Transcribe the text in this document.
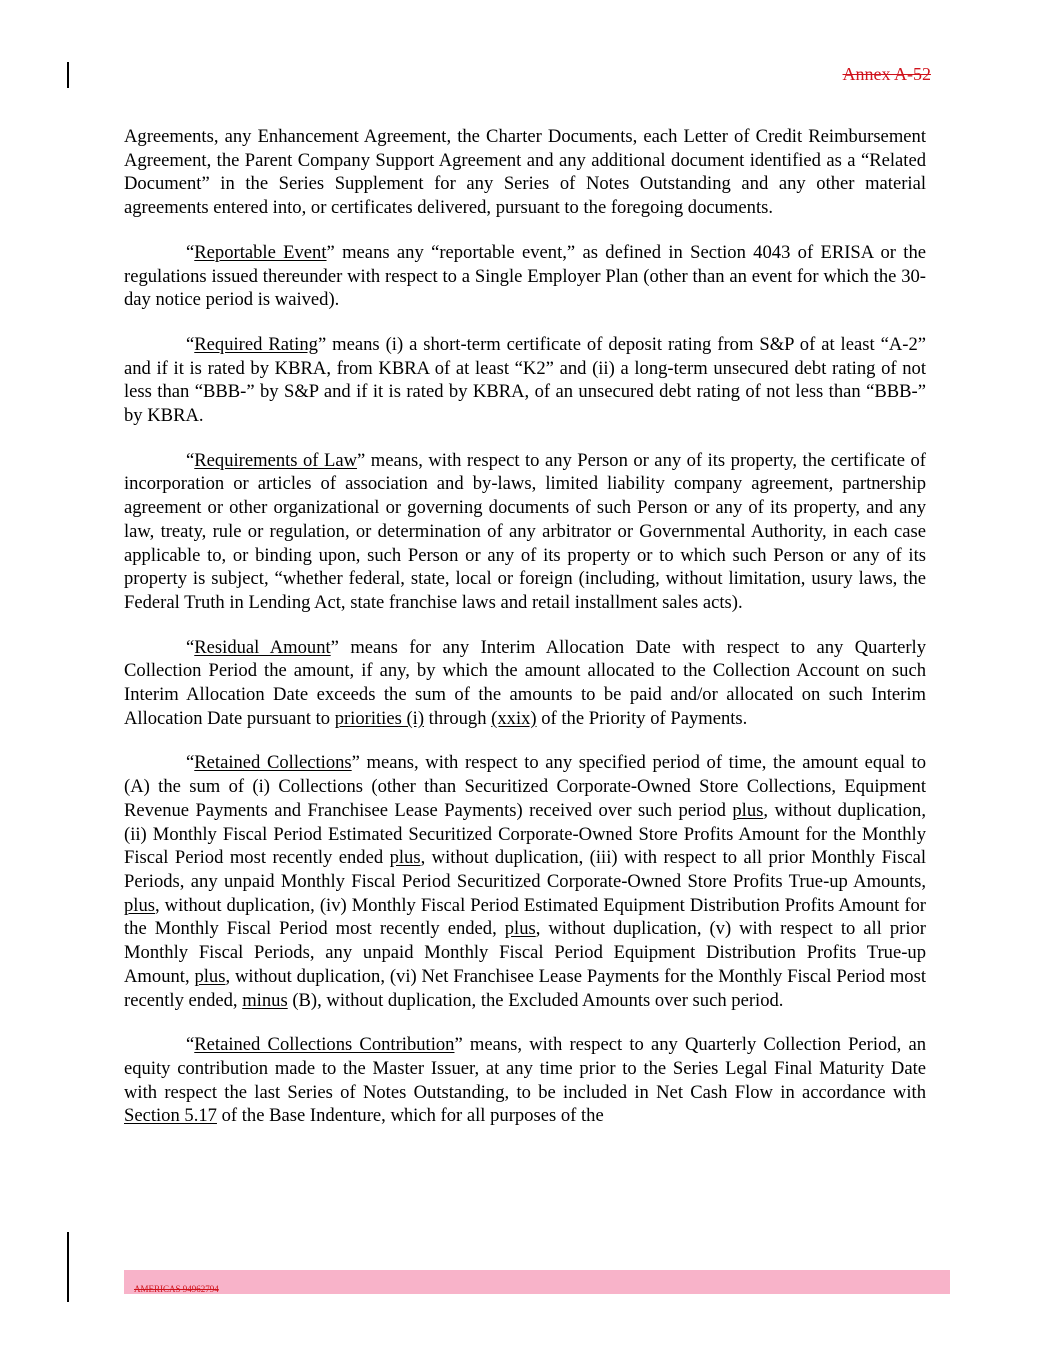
Annex A-52

Agreements, any Enhancement Agreement, the Charter Documents, each Letter of Credit Reimbursement Agreement, the Parent Company Support Agreement and any additional document identified as a “Related Document” in the Series Supplement for any Series of Notes Outstanding and any other material agreements entered into, or certificates delivered, pursuant to the foregoing documents.

“Reportable Event” means any “reportable event,” as defined in Section 4043 of ERISA or the regulations issued thereunder with respect to a Single Employer Plan (other than an event for which the 30-day notice period is waived).

“Required Rating” means (i) a short-term certificate of deposit rating from S&P of at least “A-2” and if it is rated by KBRA, from KBRA of at least “K2” and (ii) a long-term unsecured debt rating of not less than “BBB-” by S&P and if it is rated by KBRA, of an unsecured debt rating of not less than “BBB-” by KBRA.

“Requirements of Law” means, with respect to any Person or any of its property, the certificate of incorporation or articles of association and by-laws, limited liability company agreement, partnership agreement or other organizational or governing documents of such Person or any of its property, and any law, treaty, rule or regulation, or determination of any arbitrator or Governmental Authority, in each case applicable to, or binding upon, such Person or any of its property or to which such Person or any of its property is subject, “whether federal, state, local or foreign (including, without limitation, usury laws, the Federal Truth in Lending Act, state franchise laws and retail installment sales acts).

“Residual Amount” means for any Interim Allocation Date with respect to any Quarterly Collection Period the amount, if any, by which the amount allocated to the Collection Account on such Interim Allocation Date exceeds the sum of the amounts to be paid and/or allocated on such Interim Allocation Date pursuant to priorities (i) through (xxix) of the Priority of Payments.

“Retained Collections” means, with respect to any specified period of time, the amount equal to (A) the sum of (i) Collections (other than Securitized Corporate-Owned Store Collections, Equipment Revenue Payments and Franchisee Lease Payments) received over such period plus, without duplication, (ii) Monthly Fiscal Period Estimated Securitized Corporate-Owned Store Profits Amount for the Monthly Fiscal Period most recently ended plus, without duplication, (iii) with respect to all prior Monthly Fiscal Periods, any unpaid Monthly Fiscal Period Securitized Corporate-Owned Store Profits True-up Amounts, plus, without duplication, (iv) Monthly Fiscal Period Estimated Equipment Distribution Profits Amount for the Monthly Fiscal Period most recently ended, plus, without duplication, (v) with respect to all prior Monthly Fiscal Periods, any unpaid Monthly Fiscal Period Equipment Distribution Profits True-up Amount, plus, without duplication, (vi) Net Franchisee Lease Payments for the Monthly Fiscal Period most recently ended, minus (B), without duplication, the Excluded Amounts over such period.

“Retained Collections Contribution” means, with respect to any Quarterly Collection Period, an equity contribution made to the Master Issuer, at any time prior to the Series Legal Final Maturity Date with respect the last Series of Notes Outstanding, to be included in Net Cash Flow in accordance with Section 5.17 of the Base Indenture, which for all purposes of the

AMERICAS 94962794
